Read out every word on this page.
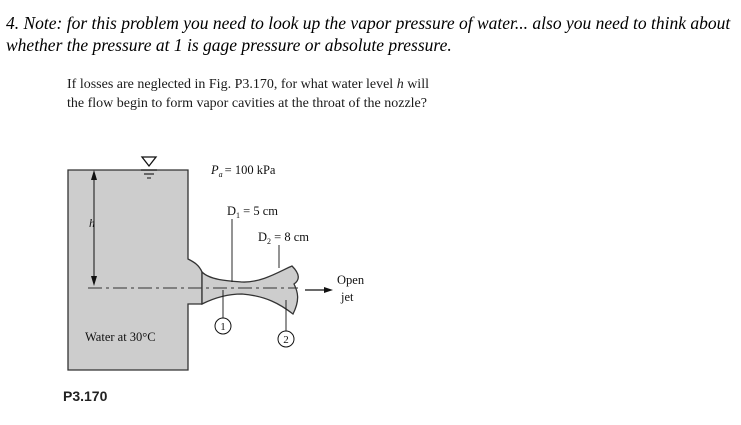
4. Note: for this problem you need to look up the vapor pressure of water... also you need to think about whether the pressure at 1 is gage pressure or absolute pressure.

If losses are neglected in Fig. P3.170, for what water level h will the flow begin to form vapor cavities at the throat of the nozzle?

h
$P_a = 100$ kPa
$D_1 = 5$ cm
$D_2 = 8$ cm
1
2
Open
jet
Water at 30°C
P3.170
